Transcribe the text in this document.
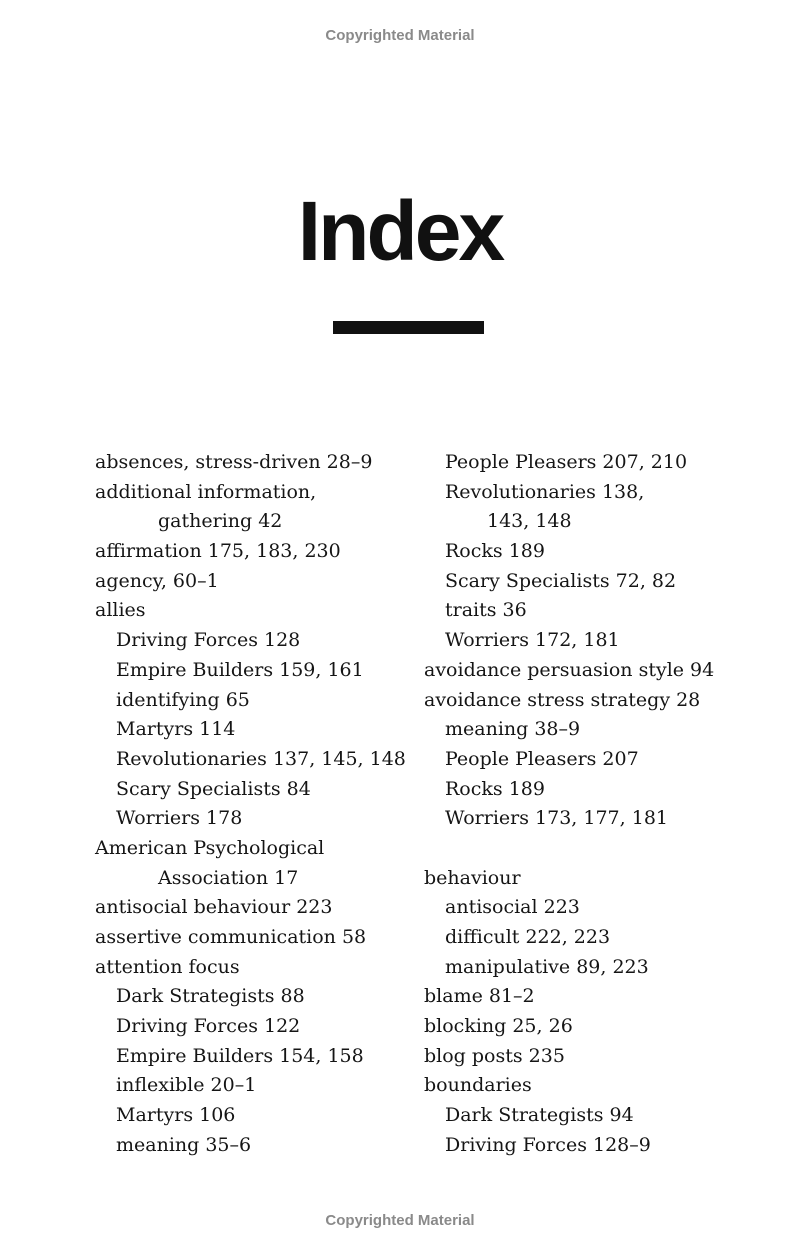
Copyrighted Material
Index
absences, stress-driven 28–9
additional information,
gathering 42
affirmation 175, 183, 230
agency, 60–1
allies
Driving Forces 128
Empire Builders 159, 161
identifying 65
Martyrs 114
Revolutionaries 137, 145, 148
Scary Specialists 84
Worriers 178
American Psychological
Association 17
antisocial behaviour 223
assertive communication 58
attention focus
Dark Strategists 88
Driving Forces 122
Empire Builders 154, 158
inflexible 20–1
Martyrs 106
meaning 35–6
People Pleasers 207, 210
Revolutionaries 138,
143, 148
Rocks 189
Scary Specialists 72, 82
traits 36
Worriers 172, 181
avoidance persuasion style 94
avoidance stress strategy 28
meaning 38–9
People Pleasers 207
Rocks 189
Worriers 173, 177, 181
behaviour
antisocial 223
difficult 222, 223
manipulative 89, 223
blame 81–2
blocking 25, 26
blog posts 235
boundaries
Dark Strategists 94
Driving Forces 128–9
Copyrighted Material
